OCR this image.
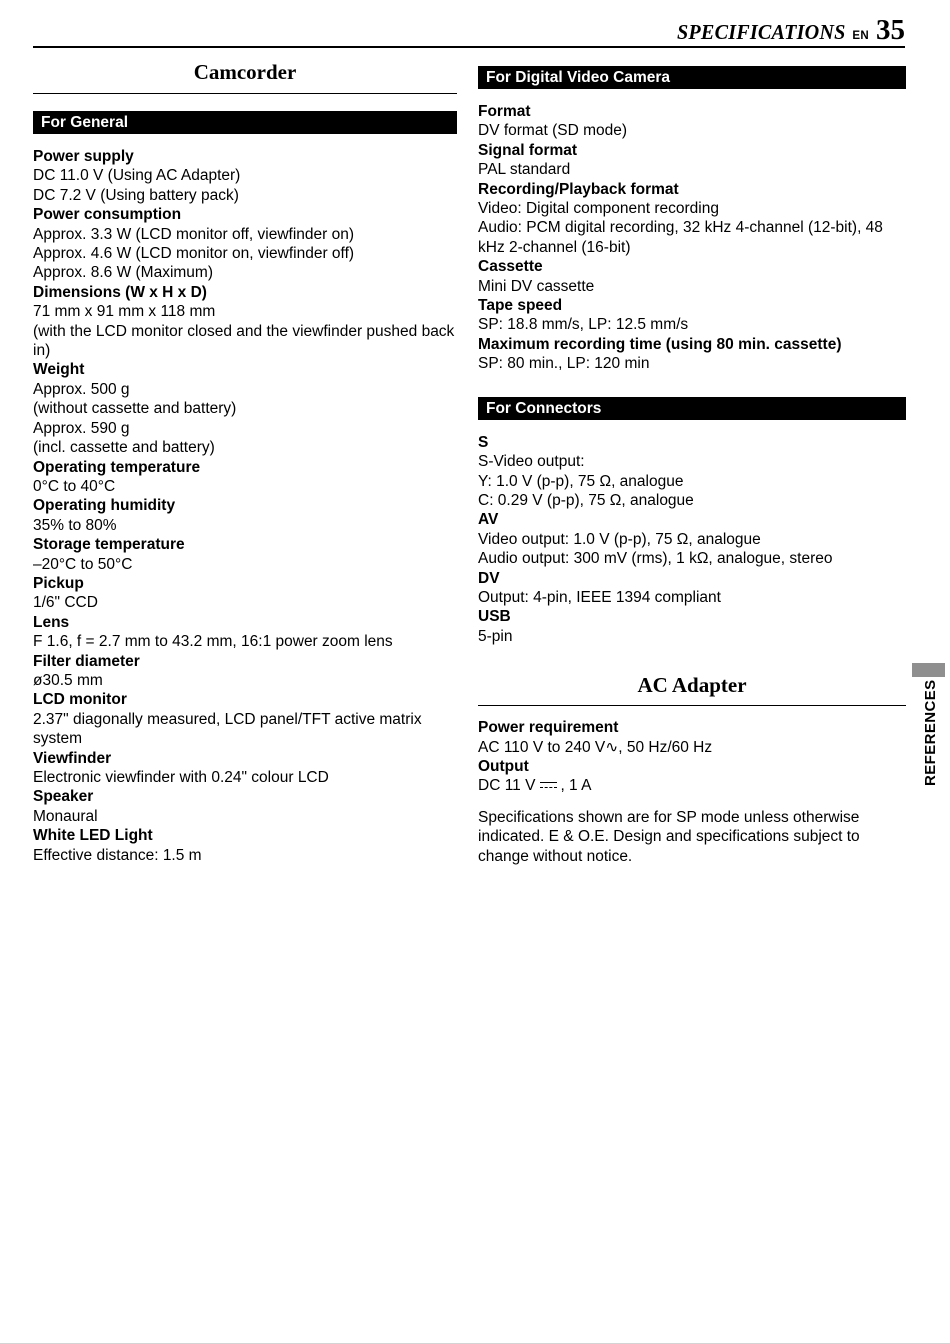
SPECIFICATIONS EN 35
Camcorder
For General
Power supply
DC 11.0 V (Using AC Adapter)
DC 7.2 V (Using battery pack)
Power consumption
Approx. 3.3 W (LCD monitor off, viewfinder on)
Approx. 4.6 W (LCD monitor on, viewfinder off)
Approx. 8.6 W (Maximum)
Dimensions (W x H x D)
71 mm x 91 mm x 118 mm
(with the LCD monitor closed and the viewfinder pushed back in)
Weight
Approx. 500 g
(without cassette and battery)
Approx. 590 g
(incl. cassette and battery)
Operating temperature
0°C to 40°C
Operating humidity
35% to 80%
Storage temperature
–20°C to 50°C
Pickup
1/6" CCD
Lens
F 1.6, f = 2.7 mm to 43.2 mm, 16:1 power zoom lens
Filter diameter
ø30.5 mm
LCD monitor
2.37" diagonally measured, LCD panel/TFT active matrix system
Viewfinder
Electronic viewfinder with 0.24" colour LCD
Speaker
Monaural
White LED Light
Effective distance: 1.5 m
For Digital Video Camera
Format
DV format (SD mode)
Signal format
PAL standard
Recording/Playback format
Video: Digital component recording
Audio: PCM digital recording, 32 kHz 4-channel (12-bit), 48 kHz 2-channel (16-bit)
Cassette
Mini DV cassette
Tape speed
SP: 18.8 mm/s, LP: 12.5 mm/s
Maximum recording time (using 80 min. cassette)
SP: 80 min., LP: 120 min
For Connectors
S
S-Video output:
Y: 1.0 V (p-p), 75 Ω, analogue
C: 0.29 V (p-p), 75 Ω, analogue
AV
Video output: 1.0 V (p-p), 75 Ω, analogue
Audio output: 300 mV (rms), 1 kΩ, analogue, stereo
DV
Output: 4-pin, IEEE 1394 compliant
USB
5-pin
AC Adapter
Power requirement
AC 110 V to 240 V∿, 50 Hz/60 Hz
Output
DC 11 V , 1 A
Specifications shown are for SP mode unless otherwise indicated. E & O.E. Design and specifications subject to change without notice.
REFERENCES
